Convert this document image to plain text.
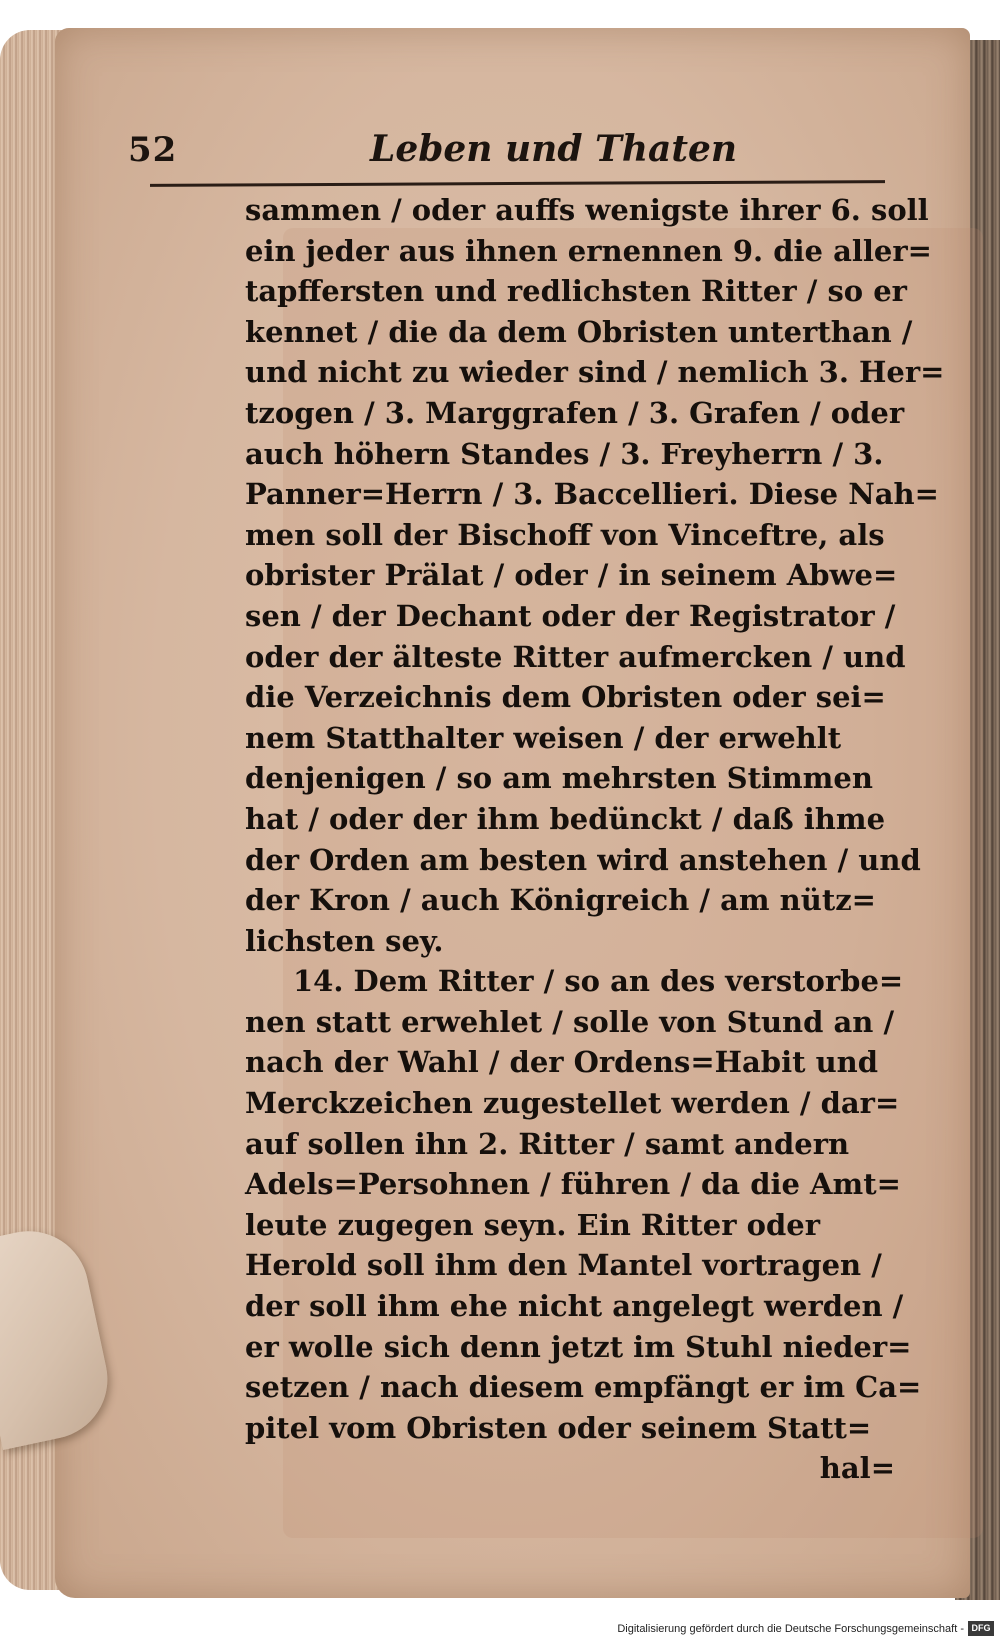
52	Leben und Thaten
sammen / oder auffs wenigste ihrer 6. soll
ein jeder aus ihnen ernennen 9. die aller=
tapffersten und redlichsten Ritter / so er
kennet / die da dem Obristen unterthan /
und nicht zu wieder sind / nemlich 3. Her=
tzogen / 3. Marggrafen / 3. Grafen / oder
auch höhern Standes / 3. Freyherrn / 3.
Panner=Herrn / 3. Baccellieri. Diese Nah=
men soll der Bischoff von Vinceftre, als
obrister Prälat / oder / in seinem Abwe=
sen / der Dechant oder der Registrator /
oder der älteste Ritter aufmercken / und
die Verzeichnis dem Obristen oder sei=
nem Statthalter weisen / der erwehlt
denjenigen / so am mehrsten Stimmen
hat / oder der ihm bedünckt / daß ihme
der Orden am besten wird anstehen / und
der Kron / auch Königreich / am nütz=
lichsten sey.
14. Dem Ritter / so an des verstorbe=
nen statt erwehlet / solle von Stund an /
nach der Wahl / der Ordens=Habit und
Merckzeichen zugestellet werden / dar=
auf sollen ihn 2. Ritter / samt andern
Adels=Persohnen / führen / da die Amt=
leute zugegen seyn. Ein Ritter oder
Herold soll ihm den Mantel vortragen /
der soll ihm ehe nicht angelegt werden /
er wolle sich denn jetzt im Stuhl nieder=
setzen / nach diesem empfängt er im Ca=
pitel vom Obristen oder seinem Statt=
hal=
Digitalisierung gefördert durch die Deutsche Forschungsgemeinschaft - DFG
